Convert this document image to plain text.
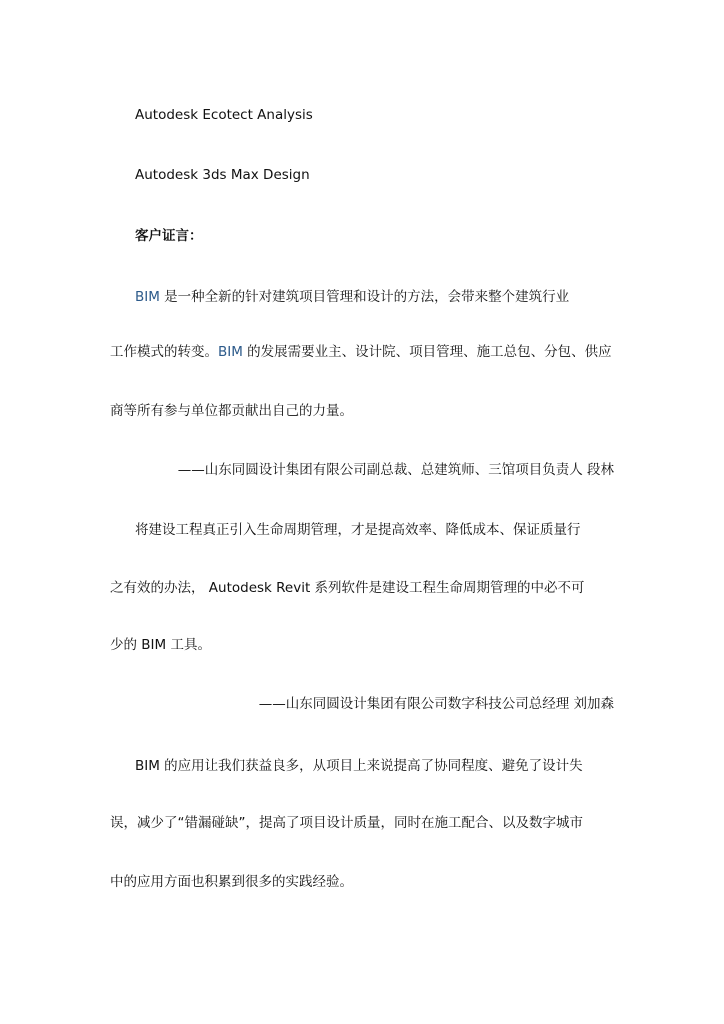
Autodesk Ecotect Analysis
Autodesk 3ds Max Design
客户证言：
BIM 是一种全新的针对建筑项目管理和设计的方法，会带来整个建筑行业
工作模式的转变。BIM 的发展需要业主、设计院、项目管理、施工总包、分包、供应
商等所有参与单位都贡献出自己的力量。
——山东同圆设计集团有限公司副总裁、总建筑师、三馆项目负责人 段林
将建设工程真正引入生命周期管理，才是提高效率、降低成本、保证质量行
之有效的办法， Autodesk Revit 系列软件是建设工程生命周期管理的中必不可
少的 BIM 工具。
——山东同圆设计集团有限公司数字科技公司总经理 刘加森
BIM 的应用让我们获益良多，从项目上来说提高了协同程度、避免了设计失
误，减少了“错漏碰缺”，提高了项目设计质量，同时在施工配合、以及数字城市
中的应用方面也积累到很多的实践经验。
